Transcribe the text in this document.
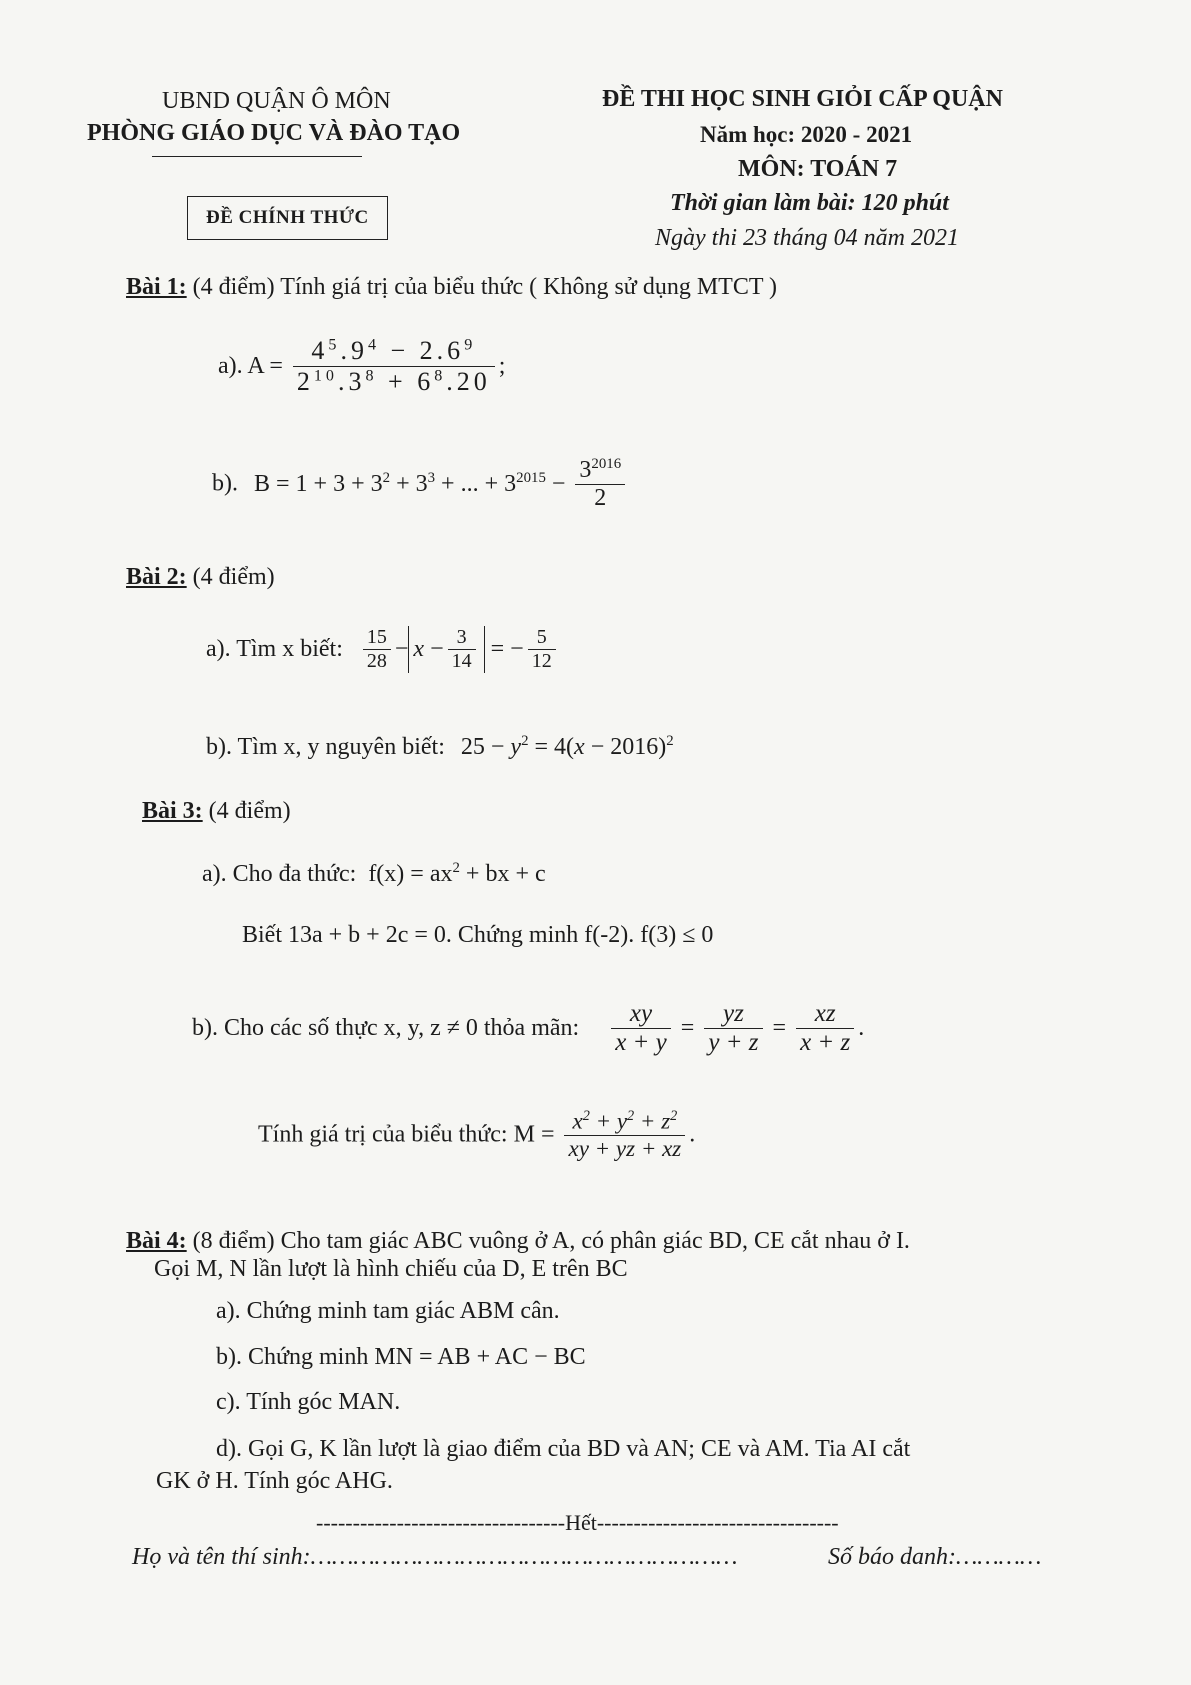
UBND QUẬN Ô MÔN
PHÒNG GIÁO DỤC VÀ ĐÀO TẠO
ĐỀ CHÍNH THỨC
ĐỀ THI HỌC SINH GIỎI CẤP QUẬN
Năm học: 2020 - 2021
MÔN: TOÁN 7
Thời gian làm bài: 120 phút
Ngày thi 23 tháng 04 năm 2021
Bài 1: (4 điểm) Tính giá trị của biểu thức ( Không sử dụng MTCT )
a). $A = \frac{4^5.9^4 - 2.6^9}{2^{10}.3^8 + 6^8.20}$ ;
b). $B = 1 + 3 + 3^2 + 3^3$ + ... + $3^{2015} - \frac{3^{2016}}{2}$
Bài 2: (4 điểm)
a). Tìm x biết: $\frac{15}{28} - x - \frac{3}{14}$ = − $\frac{5}{12}$
b). Tìm x, y nguyên biết: $25 - y^2 = 4(x - 2016)^2$
Bài 3: (4 điểm)
a). Cho đa thức: $f(x) = ax^2$ + bx + c
Biết 13a + b + 2c = 0. Chứng minh f(-2). f(3) ≤ 0
b). Cho các số thực x, y, z ≠ 0 thỏa mãn: $\frac{xy}{x + y} = \frac{yz}{y + z} = \frac{xz}{x + z}$ .
Tính giá trị của biểu thức: $M = \frac{x^2 + y^2 + z^2}{xy + yz + xz}$ .
Bài 4: (8 điểm) Cho tam giác ABC vuông ở A, có phân giác BD, CE cắt nhau ở I.
Gọi M, N lần lượt là hình chiếu của D, E trên BC
a). Chứng minh tam giác ABM cân.
b). Chứng minh MN = AB + AC − BC
c). Tính góc MAN.
d). Gọi G, K lần lượt là giao điểm của BD và AN; CE và AM. Tia AI cắt
GK ở H. Tính góc AHG.
----------------------------------Hết---------------------------------
Họ và tên thí sinh:……………………………………………………	Số báo danh:…………
